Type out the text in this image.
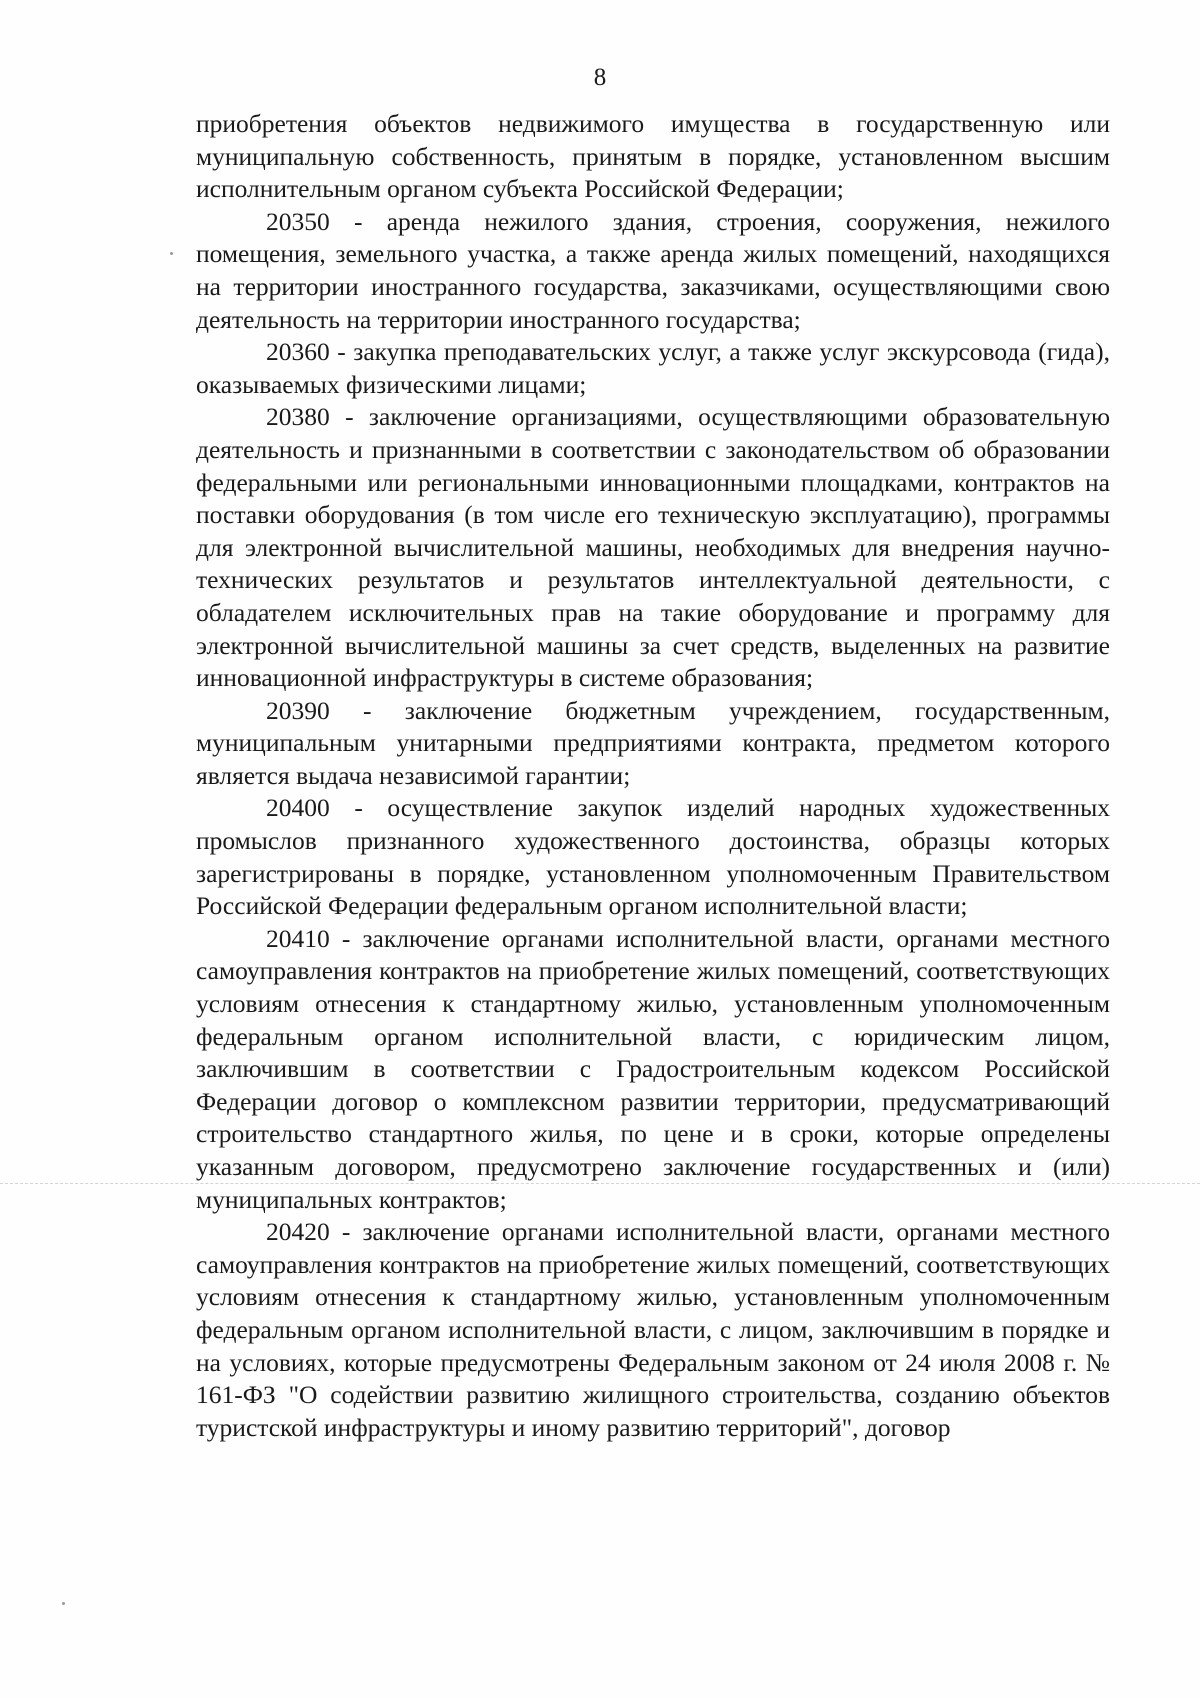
8

приобретения объектов недвижимого имущества в государственную или муниципальную собственность, принятым в порядке, установленном высшим исполнительным органом субъекта Российской Федерации;

20350 - аренда нежилого здания, строения, сооружения, нежилого помещения, земельного участка, а также аренда жилых помещений, находящихся на территории иностранного государства, заказчиками, осуществляющими свою деятельность на территории иностранного государства;

20360 - закупка преподавательских услуг, а также услуг экскурсовода (гида), оказываемых физическими лицами;

20380 - заключение организациями, осуществляющими образовательную деятельность и признанными в соответствии с законодательством об образовании федеральными или региональными инновационными площадками, контрактов на поставки оборудования (в том числе его техническую эксплуатацию), программы для электронной вычислительной машины, необходимых для внедрения научно-технических результатов и результатов интеллектуальной деятельности, с обладателем исключительных прав на такие оборудование и программу для электронной вычислительной машины за счет средств, выделенных на развитие инновационной инфраструктуры в системе образования;

20390 - заключение бюджетным учреждением, государственным, муниципальным унитарными предприятиями контракта, предметом которого является выдача независимой гарантии;

20400 - осуществление закупок изделий народных художественных промыслов признанного художественного достоинства, образцы которых зарегистрированы в порядке, установленном уполномоченным Правительством Российской Федерации федеральным органом исполнительной власти;

20410 - заключение органами исполнительной власти, органами местного самоуправления контрактов на приобретение жилых помещений, соответствующих условиям отнесения к стандартному жилью, установленным уполномоченным федеральным органом исполнительной власти, с юридическим лицом, заключившим в соответствии с Градостроительным кодексом Российской Федерации договор о комплексном развитии территории, предусматривающий строительство стандартного жилья, по цене и в сроки, которые определены указанным договором, предусмотрено заключение государственных и (или) муниципальных контрактов;

20420 - заключение органами исполнительной власти, органами местного самоуправления контрактов на приобретение жилых помещений, соответствующих условиям отнесения к стандартному жилью, установленным уполномоченным федеральным органом исполнительной власти, с лицом, заключившим в порядке и на условиях, которые предусмотрены Федеральным законом от 24 июля 2008 г. № 161-ФЗ "О содействии развитию жилищного строительства, созданию объектов туристской инфраструктуры и иному развитию территорий", договор
